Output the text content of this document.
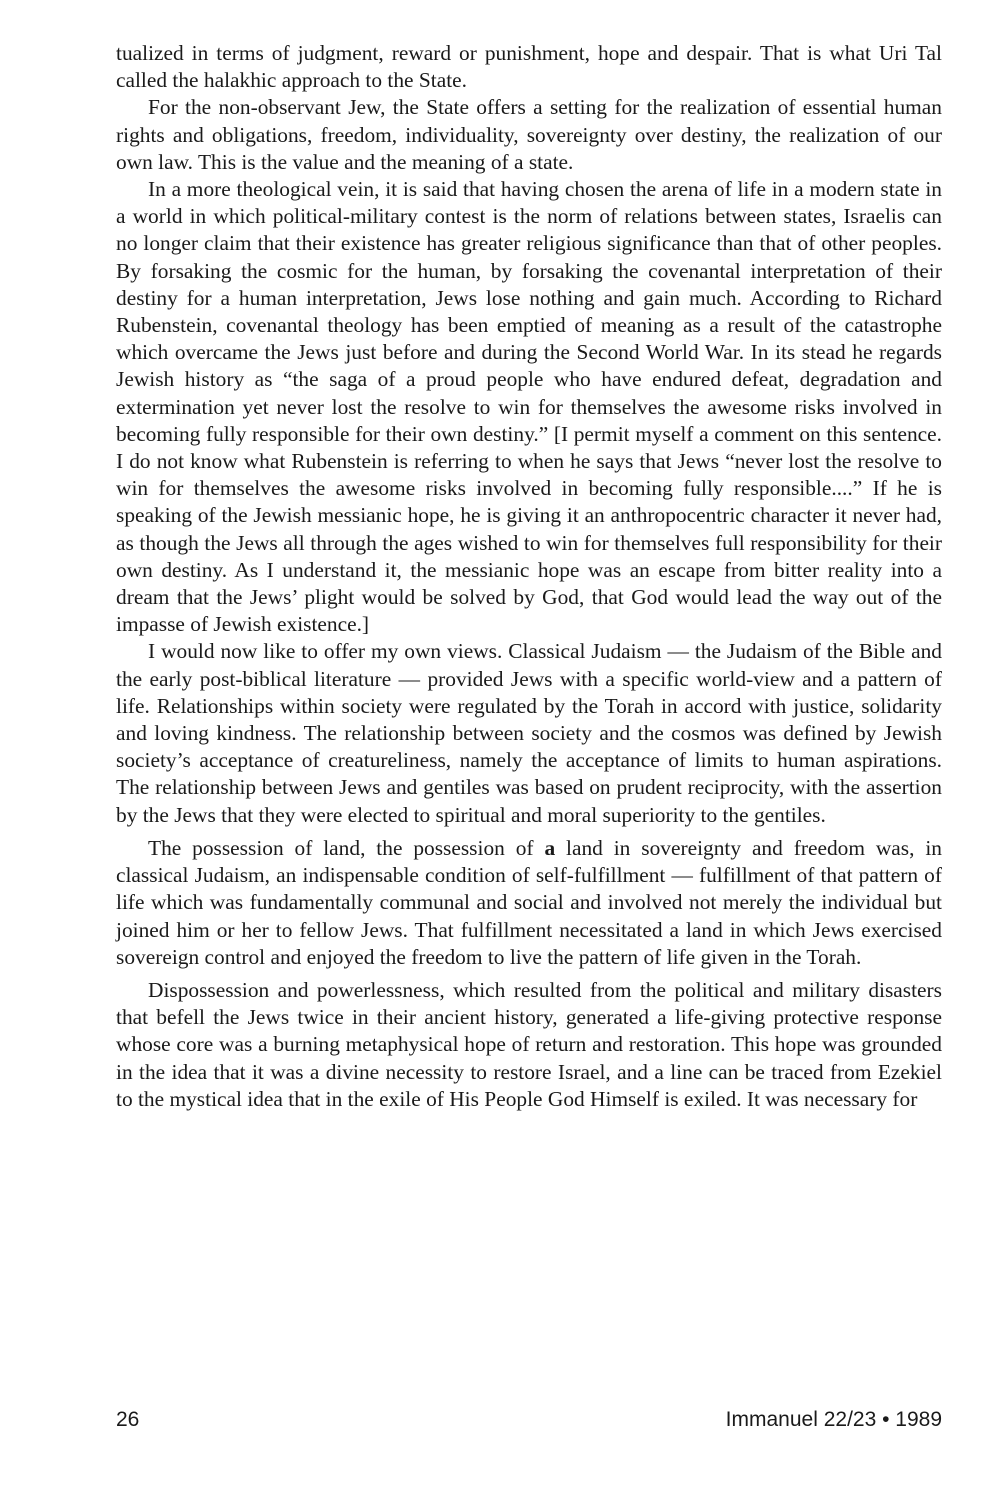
tualized in terms of judgment, reward or punishment, hope and despair. That is what Uri Tal called the halakhic approach to the State.

For the non-observant Jew, the State offers a setting for the realization of essential human rights and obligations, freedom, individuality, sovereignty over destiny, the realization of our own law. This is the value and the meaning of a state.

In a more theological vein, it is said that having chosen the arena of life in a modern state in a world in which political-military contest is the norm of relations between states, Israelis can no longer claim that their existence has greater religious significance than that of other peoples. By forsaking the cosmic for the human, by forsaking the covenantal interpretation of their destiny for a human interpretation, Jews lose nothing and gain much. According to Richard Rubenstein, covenantal theology has been emptied of meaning as a result of the catastrophe which overcame the Jews just before and during the Second World War. In its stead he regards Jewish history as “the saga of a proud people who have endured defeat, degradation and extermination yet never lost the resolve to win for themselves the awesome risks involved in becoming fully responsible for their own destiny.” [I permit myself a comment on this sentence. I do not know what Rubenstein is referring to when he says that Jews “never lost the resolve to win for themselves the awesome risks involved in becoming fully responsible....” If he is speaking of the Jewish messianic hope, he is giving it an anthropocentric character it never had, as though the Jews all through the ages wished to win for themselves full responsibility for their own destiny. As I understand it, the messianic hope was an escape from bitter reality into a dream that the Jews’ plight would be solved by God, that God would lead the way out of the impasse of Jewish existence.]

I would now like to offer my own views. Classical Judaism — the Judaism of the Bible and the early post-biblical literature — provided Jews with a specific world-view and a pattern of life. Relationships within society were regulated by the Torah in accord with justice, solidarity and loving kindness. The relationship between society and the cosmos was defined by Jewish society’s acceptance of creatureliness, namely the acceptance of limits to human aspirations. The relationship between Jews and gentiles was based on prudent reciprocity, with the assertion by the Jews that they were elected to spiritual and moral superiority to the gentiles.

The possession of land, the possession of a land in sovereignty and freedom was, in classical Judaism, an indispensable condition of self-fulfillment — fulfillment of that pattern of life which was fundamentally communal and social and involved not merely the individual but joined him or her to fellow Jews. That fulfillment necessitated a land in which Jews exercised sovereign control and enjoyed the freedom to live the pattern of life given in the Torah.

Dispossession and powerlessness, which resulted from the political and military disasters that befell the Jews twice in their ancient history, generated a life-giving protective response whose core was a burning metaphysical hope of return and restoration. This hope was grounded in the idea that it was a divine necessity to restore Israel, and a line can be traced from Ezekiel to the mystical idea that in the exile of His People God Himself is exiled. It was necessary for

26	Immanuel 22/23 • 1989
